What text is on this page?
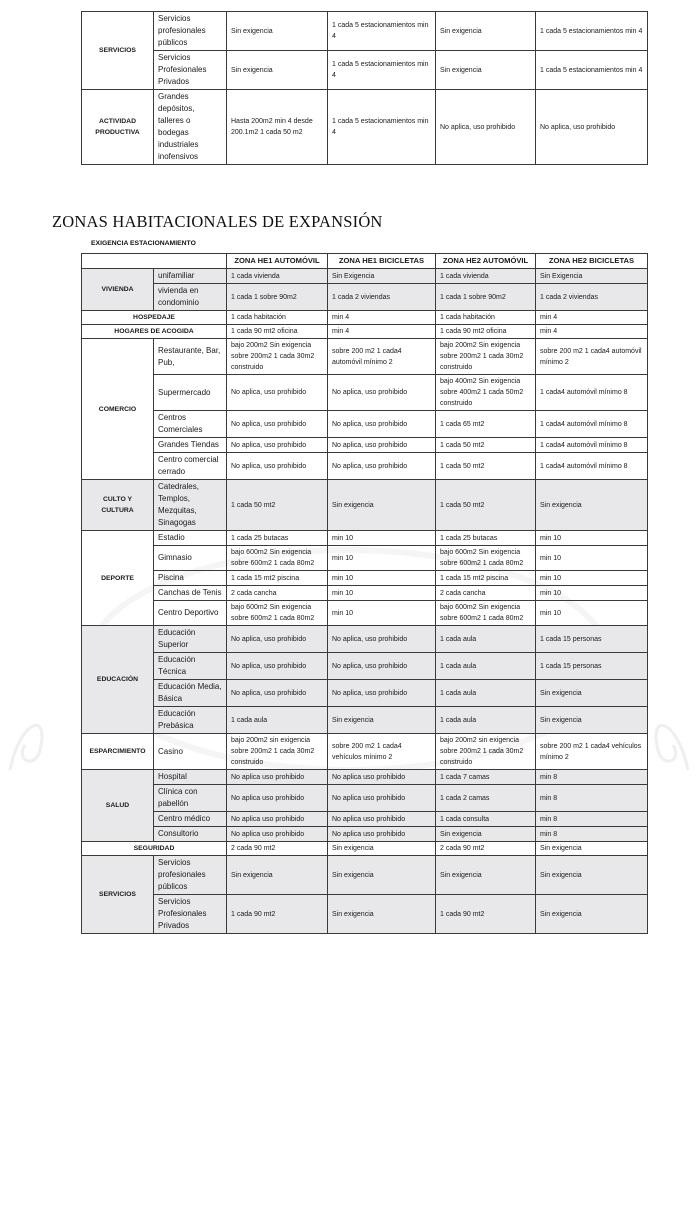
SERVICIOS	Servicios profesionales públicos	Sin exigencia	1 cada 5 estacionamientos min 4	Sin exigencia	1 cada 5 estacionamientos min 4
	Servicios Profesionales Privados	Sin exigencia	1 cada 5 estacionamientos min 4	Sin exigencia	1 cada 5 estacionamientos min 4
ACTIVIDAD PRODUCTIVA	Grandes depósitos, talleres o bodegas industriales inofensivos	Hasta 200m2 min 4 desde 200.1m2 1 cada 50 m2	1 cada 5 estacionamientos min 4	No aplica, uso prohibido	No aplica, uso prohibido
ZONAS HABITACIONALES DE EXPANSIÓN
EXIGENCIA ESTACIONAMIENTO
		ZONA HE1 AUTOMÓVIL	ZONA HE1 BICICLETAS	ZONA HE2 AUTOMÓVIL	ZONA HE2 BICICLETAS
VIVIENDA	unifamiliar	1 cada vivienda	Sin Exigencia	1 cada vivienda	Sin Exigencia
	vivienda en condominio	1 cada 1 sobre 90m2	1 cada 2 viviendas	1 cada 1 sobre 90m2	1 cada 2 viviendas
HOSPEDAJE		1 cada habitación	min 4	1 cada habitación	min 4
HOGARES DE ACOGIDA		1 cada 90 mt2 oficina	min 4	1 cada 90 mt2 oficina	min 4
COMERCIO	Restaurante, Bar, Pub,	bajo 200m2 Sin exigencia sobre 200m2 1 cada 30m2 construido	sobre 200 m2 1 cada4 automóvil mínimo 2	bajo 200m2 Sin exigencia sobre 200m2 1 cada 30m2 construido	sobre 200 m2 1 cada4 automóvil mínimo 2
	Supermercado	No aplica, uso prohibido	No aplica, uso prohibido	bajo 400m2 Sin exigencia sobre 400m2 1 cada 50m2 construido	1 cada4 automóvil mínimo 8
	Centros Comerciales	No aplica, uso prohibido	No aplica, uso prohibido	1 cada 65 mt2	1 cada4 automóvil mínimo 8
	Grandes Tiendas	No aplica, uso prohibido	No aplica, uso prohibido	1 cada 50 mt2	1 cada4 automóvil mínimo 8
	Centro comercial cerrado	No aplica, uso prohibido	No aplica, uso prohibido	1 cada 50 mt2	1 cada4 automóvil mínimo 8
CULTO Y CULTURA	Catedrales, Templos, Mezquitas, Sinagogas	1 cada 50 mt2	Sin exigencia	1 cada 50 mt2	Sin exigencia
DEPORTE	Estadio	1 cada 25 butacas	min 10	1 cada 25 butacas	min 10
	Gimnasio	bajo 600m2 Sin exigencia sobre 600m2 1 cada 80m2	min 10	bajo 600m2 Sin exigencia sobre 600m2 1 cada 80m2	min 10
	Piscina	1 cada 15 mt2 piscina	min 10	1 cada 15 mt2 piscina	min 10
	Canchas de Tenis	2 cada cancha	min 10	2 cada cancha	min 10
	Centro Deportivo	bajo 600m2 Sin exigencia sobre 600m2 1 cada 80m2	min 10	bajo 600m2 Sin exigencia sobre 600m2 1 cada 80m2	min 10
EDUCACIÓN	Educación Superior	No aplica, uso prohibido	No aplica, uso prohibido	1 cada aula	1 cada 15 personas
	Educación Técnica	No aplica, uso prohibido	No aplica, uso prohibido	1 cada aula	1 cada 15 personas
	Educación Media, Básica	No aplica, uso prohibido	No aplica, uso prohibido	1 cada aula	Sin exigencia
	Educación Prebásica	1 cada aula	Sin exigencia	1 cada aula	Sin exigencia
ESPARCIMIENTO	Casino	bajo 200m2 sin exigencia sobre 200m2 1 cada 30m2 construido	sobre 200 m2 1 cada4 vehículos mínimo 2	bajo 200m2 sin exigencia sobre 200m2 1 cada 30m2 construido	sobre 200 m2 1 cada4 vehículos mínimo 2
SALUD	Hospital	No aplica uso prohibido	No aplica uso prohibido	1 cada 7 camas	min 8
	Clínica con pabellón	No aplica uso prohibido	No aplica uso prohibido	1 cada 2 camas	min 8
	Centro médico	No aplica uso prohibido	No aplica uso prohibido	1 cada consulta	min 8
	Consultorio	No aplica uso prohibido	No aplica uso prohibido	Sin exigencia	min 8
SEGURIDAD		2 cada 90 mt2	Sin exigencia	2 cada 90 mt2	Sin exigencia
SERVICIOS	Servicios profesionales públicos	Sin exigencia	Sin exigencia	Sin exigencia	Sin exigencia
	Servicios Profesionales Privados	1 cada 90 mt2	Sin exigencia	1 cada 90 mt2	Sin exigencia
